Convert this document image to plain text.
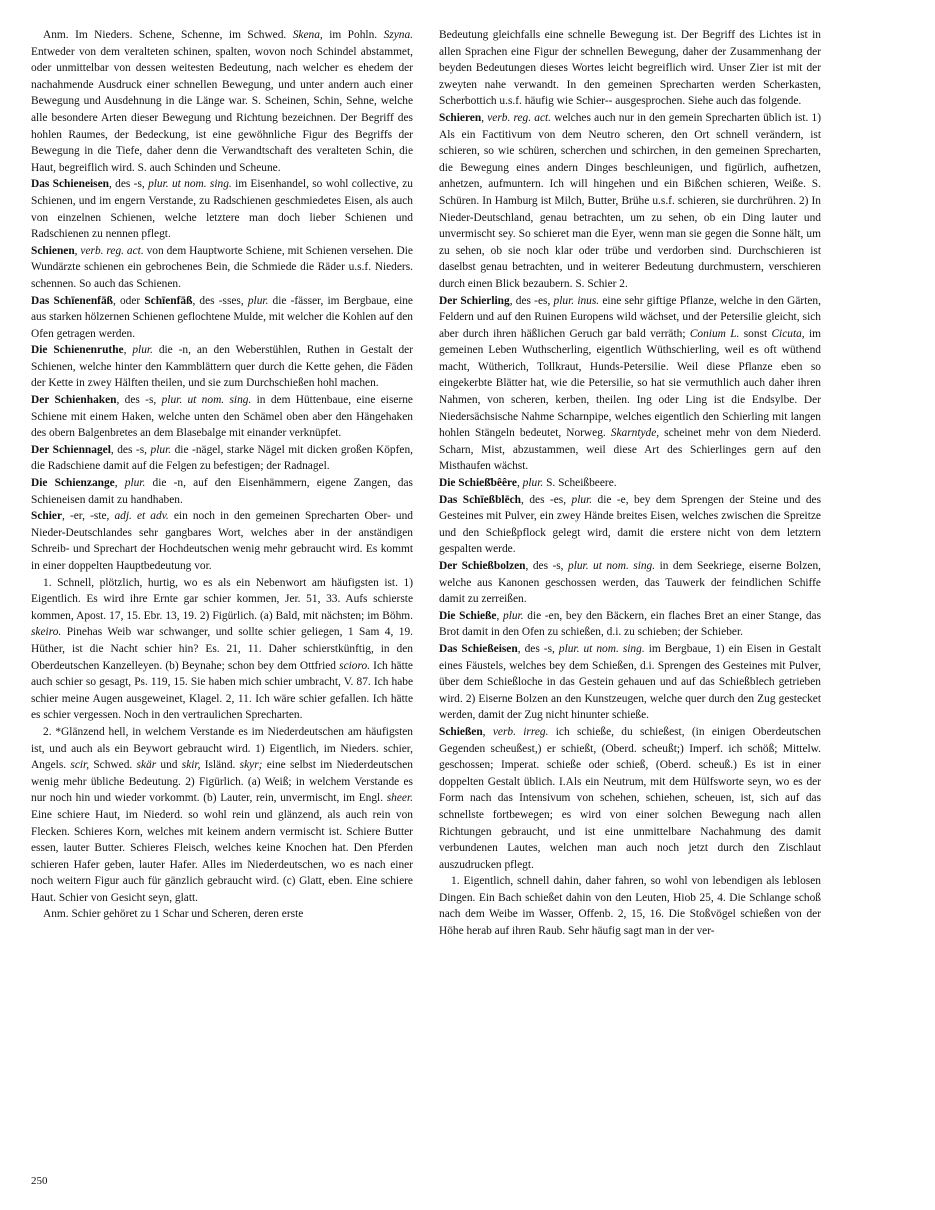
Anm. Im Nieders. Schene, Schenne, im Schwed. Skena, im Pohln. Szyna. Entweder von dem veralteten schinen, spalten, wovon noch Schindel abstammet, oder unmittelbar von dessen weitesten Bedeutung, nach welcher es ehedem der nachahmende Ausdruck einer schnellen Bewegung, und unter andern auch einer Bewegung und Ausdehnung in die Länge war. S. Scheinen, Schin, Sehne, welche alle besondere Arten dieser Bewegung und Richtung bezeichnen. Der Begriff des hohlen Raumes, der Bedeckung, ist eine gewöhnliche Figur des Begriffs der Bewegung in die Tiefe, daher denn die Verwandtschaft des veralteten Schin, die Haut, begreiflich wird. S. auch Schinden und Scheune.

Das Schieneisen, des -s, plur. ut nom. sing. im Eisenhandel, so wohl collective, zu Schienen, und im engern Verstande, zu Radschienen geschmiedetes Eisen, als auch von einzelnen Schienen, welche letztere man doch lieber Schienen und Radschienen zu nennen pflegt.

Schienen, verb. reg. act. von dem Hauptworte Schiene, mit Schienen versehen. Die Wundärzte schienen ein gebrochenes Bein, die Schmiede die Räder u.s.f. Nieders. schennen. So auch das Schienen.

Das Schīenenfāß, oder Schīenfāß, des -sses, plur. die -fässer, im Bergbaue, eine aus starken hölzernen Schienen geflochtene Mulde, mit welcher die Kohlen auf den Ofen getragen werden.

Die Schienenruthe, plur. die -n, an den Weberstühlen, Ruthen in Gestalt der Schienen, welche hinter den Kammblättern quer durch die Kette gehen, die Fäden der Kette in zwey Hälften theilen, und sie zum Durchschießen hohl machen.

Der Schienhaken, des -s, plur. ut nom. sing. in dem Hüttenbaue, eine eiserne Schiene mit einem Haken, welche unten den Schämel oben aber den Hängehaken des obern Balgenbretes an dem Blasebalge mit einander verknüpfet.

Der Schiennagel, des -s, plur. die -nägel, starke Nägel mit dicken großen Köpfen, die Radschiene damit auf die Felgen zu befestigen; der Radnagel.

Die Schienzange, plur. die -n, auf den Eisenhämmern, eigene Zangen, das Schieneisen damit zu handhaben.

Schier, -er, -ste, adj. et adv. ein noch in den gemeinen Sprecharten Ober- und Nieder-Deutschlandes sehr gangbares Wort, welches aber in der anständigen Schreib- und Sprechart der Hochdeutschen wenig mehr gebraucht wird. Es kommt in einer doppelten Hauptbedeutung vor.

1. Schnell, plötzlich, hurtig, wo es als ein Nebenwort am häufigsten ist. 1) Eigentlich. Es wird ihre Ernte gar schier kommen, Jer. 51, 33. Aufs schierste kommen, Apost. 17, 15. Ebr. 13, 19. 2) Figürlich. (a) Bald, mit nächsten; im Böhm. skeiro. Pinehas Weib war schwanger, und sollte schier geliegen, 1 Sam 4, 19. Hüther, ist die Nacht schier hin? Es. 21, 11. Daher schierstkünftig, in den Oberdeutschen Kanzelleyen. (b) Beynahe; schon bey dem Ottfried scioro. Ich hätte auch schier so gesagt, Ps. 119, 15. Sie haben mich schier umbracht, V. 87. Ich habe schier meine Augen ausgeweinet, Klagel. 2, 11. Ich wäre schier gefallen. Ich hätte es schier vergessen. Noch in den vertraulichen Sprecharten.

2. *Glänzend hell, in welchem Verstande es im Niederdeutschen am häufigsten ist, und auch als ein Beywort gebraucht wird. 1) Eigentlich, im Nieders. schier, Angels. scir, Schwed. skär und skir, Isländ. skyr; eine selbst im Niederdeutschen wenig mehr übliche Bedeutung. 2) Figürlich. (a) Weiß; in welchem Verstande es nur noch hin und wieder vorkommt. (b) Lauter, rein, unvermischt, im Engl. sheer. Eine schiere Haut, im Niederd. so wohl rein und glänzend, als auch rein von Flecken. Schieres Korn, welches mit keinem andern vermischt ist. Schiere Butter essen, lauter Butter. Schieres Fleisch, welches keine Knochen hat. Den Pferden schieren Hafer geben, lauter Hafer. Alles im Niederdeutschen, wo es nach einer noch weitern Figur auch für gänzlich gebraucht wird. (c) Glatt, eben. Eine schiere Haut. Schier von Gesicht seyn, glatt.

Anm. Schier gehöret zu 1 Schar und Scheren, deren erste

Bedeutung gleichfalls eine schnelle Bewegung ist. Der Begriff des Lichtes ist in allen Sprachen eine Figur der schnellen Bewegung, daher der Zusammenhang der beyden Bedeutungen dieses Wortes leicht begreiflich wird. Unser Zier ist mit der zweyten nahe verwandt. In den gemeinen Sprecharten werden Scherkasten, Scherbottich u.s.f. häufig wie Schier-- ausgesprochen. Siehe auch das folgende.

Schieren, verb. reg. act. welches auch nur in den gemein Sprecharten üblich ist. 1) Als ein Factitivum von dem Neutro scheren, den Ort schnell verändern, ist schieren, so wie schüren, scherchen und schirchen, in den gemeinen Sprecharten, die Bewegung eines andern Dinges beschleunigen, und figürlich, aufhetzen, anhetzen, aufmuntern. Ich will hingehen und ein Bißchen schieren, Weiße. S. Schüren. In Hamburg ist Milch, Butter, Brühe u.s.f. schieren, sie durchrühren. 2) In Nieder-Deutschland, genau betrachten, um zu sehen, ob ein Ding lauter und unvermischt sey. So schieret man die Eyer, wenn man sie gegen die Sonne hält, um zu sehen, ob sie noch klar oder trübe und verdorben sind. Durchschieren ist daselbst genau betrachten, und in weiterer Bedeutung durchmustern, verschieren durch einen Blick bezaubern. S. Schier 2.

Der Schierling, des -es, plur. inus. eine sehr giftige Pflanze, welche in den Gärten, Feldern und auf den Ruinen Europens wild wächset, und der Petersilie gleicht, sich aber durch ihren häßlichen Geruch gar bald verräth; Conium L. sonst Cicuta, im gemeinen Leben Wuthscherling, eigentlich Wüthschierling, weil es oft wüthend macht, Wütherich, Tollkraut, Hunds-Petersilie. Weil diese Pflanze eben so eingekerbte Blätter hat, wie die Petersilie, so hat sie vermuthlich auch daher ihren Nahmen, von scheren, kerben, theilen. Ing oder Ling ist die Endsylbe. Der Niedersächsische Nahme Scharnpipe, welches eigentlich den Schierling mit langen hohlen Stängeln bedeutet, Norweg. Skarntyde, scheinet mehr von dem Niederd. Scharn, Mist, abzustammen, weil diese Art des Schierlinges gern auf den Misthaufen wächst.

Die Schieß̄bêêre, plur. S. Scheißbeere.

Das Schīeßblēch, des -es, plur. die -e, bey dem Sprengen der Steine und des Gesteines mit Pulver, ein zwey Hände breites Eisen, welches zwischen die Spreitze und den Schießpflock gelegt wird, damit die erstere nicht von dem letztern gespalten werde.

Der Schießbolzen, des -s, plur. ut nom. sing. in dem Seekriege, eiserne Bolzen, welche aus Kanonen geschossen werden, das Tauwerk der feindlichen Schiffe damit zu zerreißen.

Die Schieße, plur. die -en, bey den Bäckern, ein flaches Bret an einer Stange, das Brot damit in den Ofen zu schießen, d.i. zu schieben; der Schieber.

Das Schießeisen, des -s, plur. ut nom. sing. im Bergbaue, 1) ein Eisen in Gestalt eines Fäustels, welches bey dem Schießen, d.i. Sprengen des Gesteines mit Pulver, über dem Schießloche in das Gestein gehauen und auf das Schießblech getrieben wird. 2) Eiserne Bolzen an den Kunstzeugen, welche quer durch den Zug gestecket werden, damit der Zug nicht hinunter schieße.

Schießen, verb. irreg. ich schieße, du schießest, (in einigen Oberdeutschen Gegenden scheußest,) er schießt, (Oberd. scheußt;) Imperf. ich schöß; Mittelw. geschossen; Imperat. schieße oder schieß, (Oberd. scheuß.) Es ist in einer doppelten Gestalt üblich. I.Als ein Neutrum, mit dem Hülfsworte seyn, wo es der Form nach das Intensivum von schehen, schiehen, scheuen, ist, sich auf das schnellste fortbewegen; es wird von einer solchen Bewegung nach allen Richtungen gebraucht, und ist eine unmittelbare Nachahmung des damit verbundenen Lautes, welchen man auch noch jetzt durch den Zischlaut auszudrucken pflegt.

1. Eigentlich, schnell dahin, daher fahren, so wohl von lebendigen als leblosen Dingen. Ein Bach schießet dahin von den Leuten, Hiob 25, 4. Die Schlange schoß nach dem Weibe im Wasser, Offenb. 2, 15, 16. Die Stoßvögel schießen von der Höhe herab auf ihren Raub. Sehr häufig sagt man in der ver-

250
